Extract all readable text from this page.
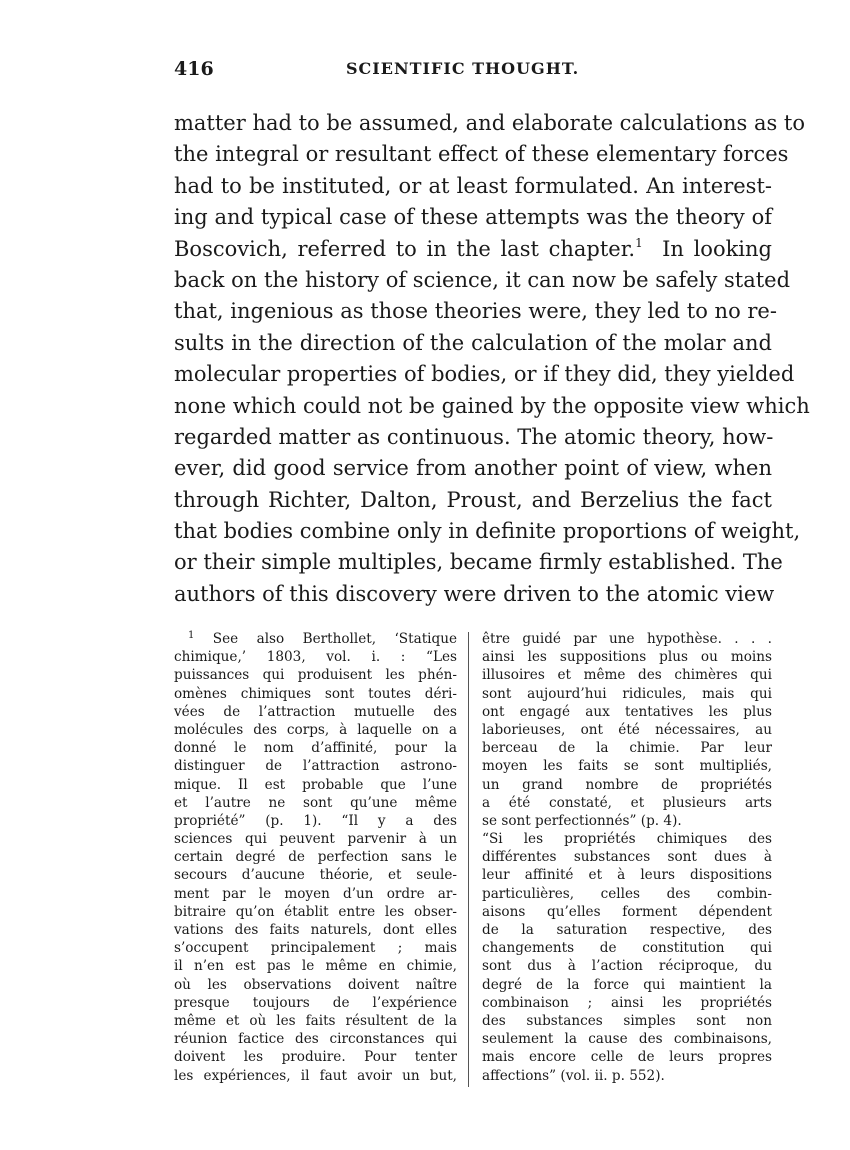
416	SCIENTIFIC THOUGHT.
matter had to be assumed, and elaborate calculations as to
the integral or resultant effect of these elementary forces
had to be instituted, or at least formulated. An interest-
ing and typical case of these attempts was the theory of
Boscovich, referred to in the last chapter.$^1$ In looking
back on the history of science, it can now be safely stated
that, ingenious as those theories were, they led to no re-
sults in the direction of the calculation of the molar and
molecular properties of bodies, or if they did, they yielded
none which could not be gained by the opposite view which
regarded matter as continuous. The atomic theory, how-
ever, did good service from another point of view, when
through Richter, Dalton, Proust, and Berzelius the fact
that bodies combine only in definite proportions of weight,
or their simple multiples, became firmly established. The
authors of this discovery were driven to the atomic view
$^1$ See also Berthollet, ‘Statique
chimique,’ 1803, vol. i. : “Les
puissances qui produisent les phén-
omènes chimiques sont toutes déri-
vées de l’attraction mutuelle des
molécules des corps, à laquelle on a
donné le nom d’affinité, pour la
distinguer de l’attraction astrono-
mique. Il est probable que l’une
et l’autre ne sont qu’une même
propriété” (p. 1). “Il y a des
sciences qui peuvent parvenir à un
certain degré de perfection sans le
secours d’aucune théorie, et seule-
ment par le moyen d’un ordre ar-
bitraire qu’on établit entre les obser-
vations des faits naturels, dont elles
s’occupent principalement ; mais
il n’en est pas le même en chimie,
où les observations doivent naître
presque toujours de l’expérience
même et où les faits résultent de la
réunion factice des circonstances qui
doivent les produire. Pour tenter
les expériences, il faut avoir un but,
être guidé par une hypothèse. . . .
ainsi les suppositions plus ou moins
illusoires et même des chimères qui
sont aujourd’hui ridicules, mais qui
ont engagé aux tentatives les plus
laborieuses, ont été nécessaires, au
berceau de la chimie. Par leur
moyen les faits se sont multipliés,
un grand nombre de propriétés
a été constaté, et plusieurs arts
se sont perfectionnés” (p. 4).
“Si les propriétés chimiques des
différentes substances sont dues à
leur affinité et à leurs dispositions
particulières, celles des combin-
aisons qu’elles forment dépendent
de la saturation respective, des
changements de constitution qui
sont dus à l’action réciproque, du
degré de la force qui maintient la
combinaison ; ainsi les propriétés
des substances simples sont non
seulement la cause des combinaisons,
mais encore celle de leurs propres
affections” (vol. ii. p. 552).
